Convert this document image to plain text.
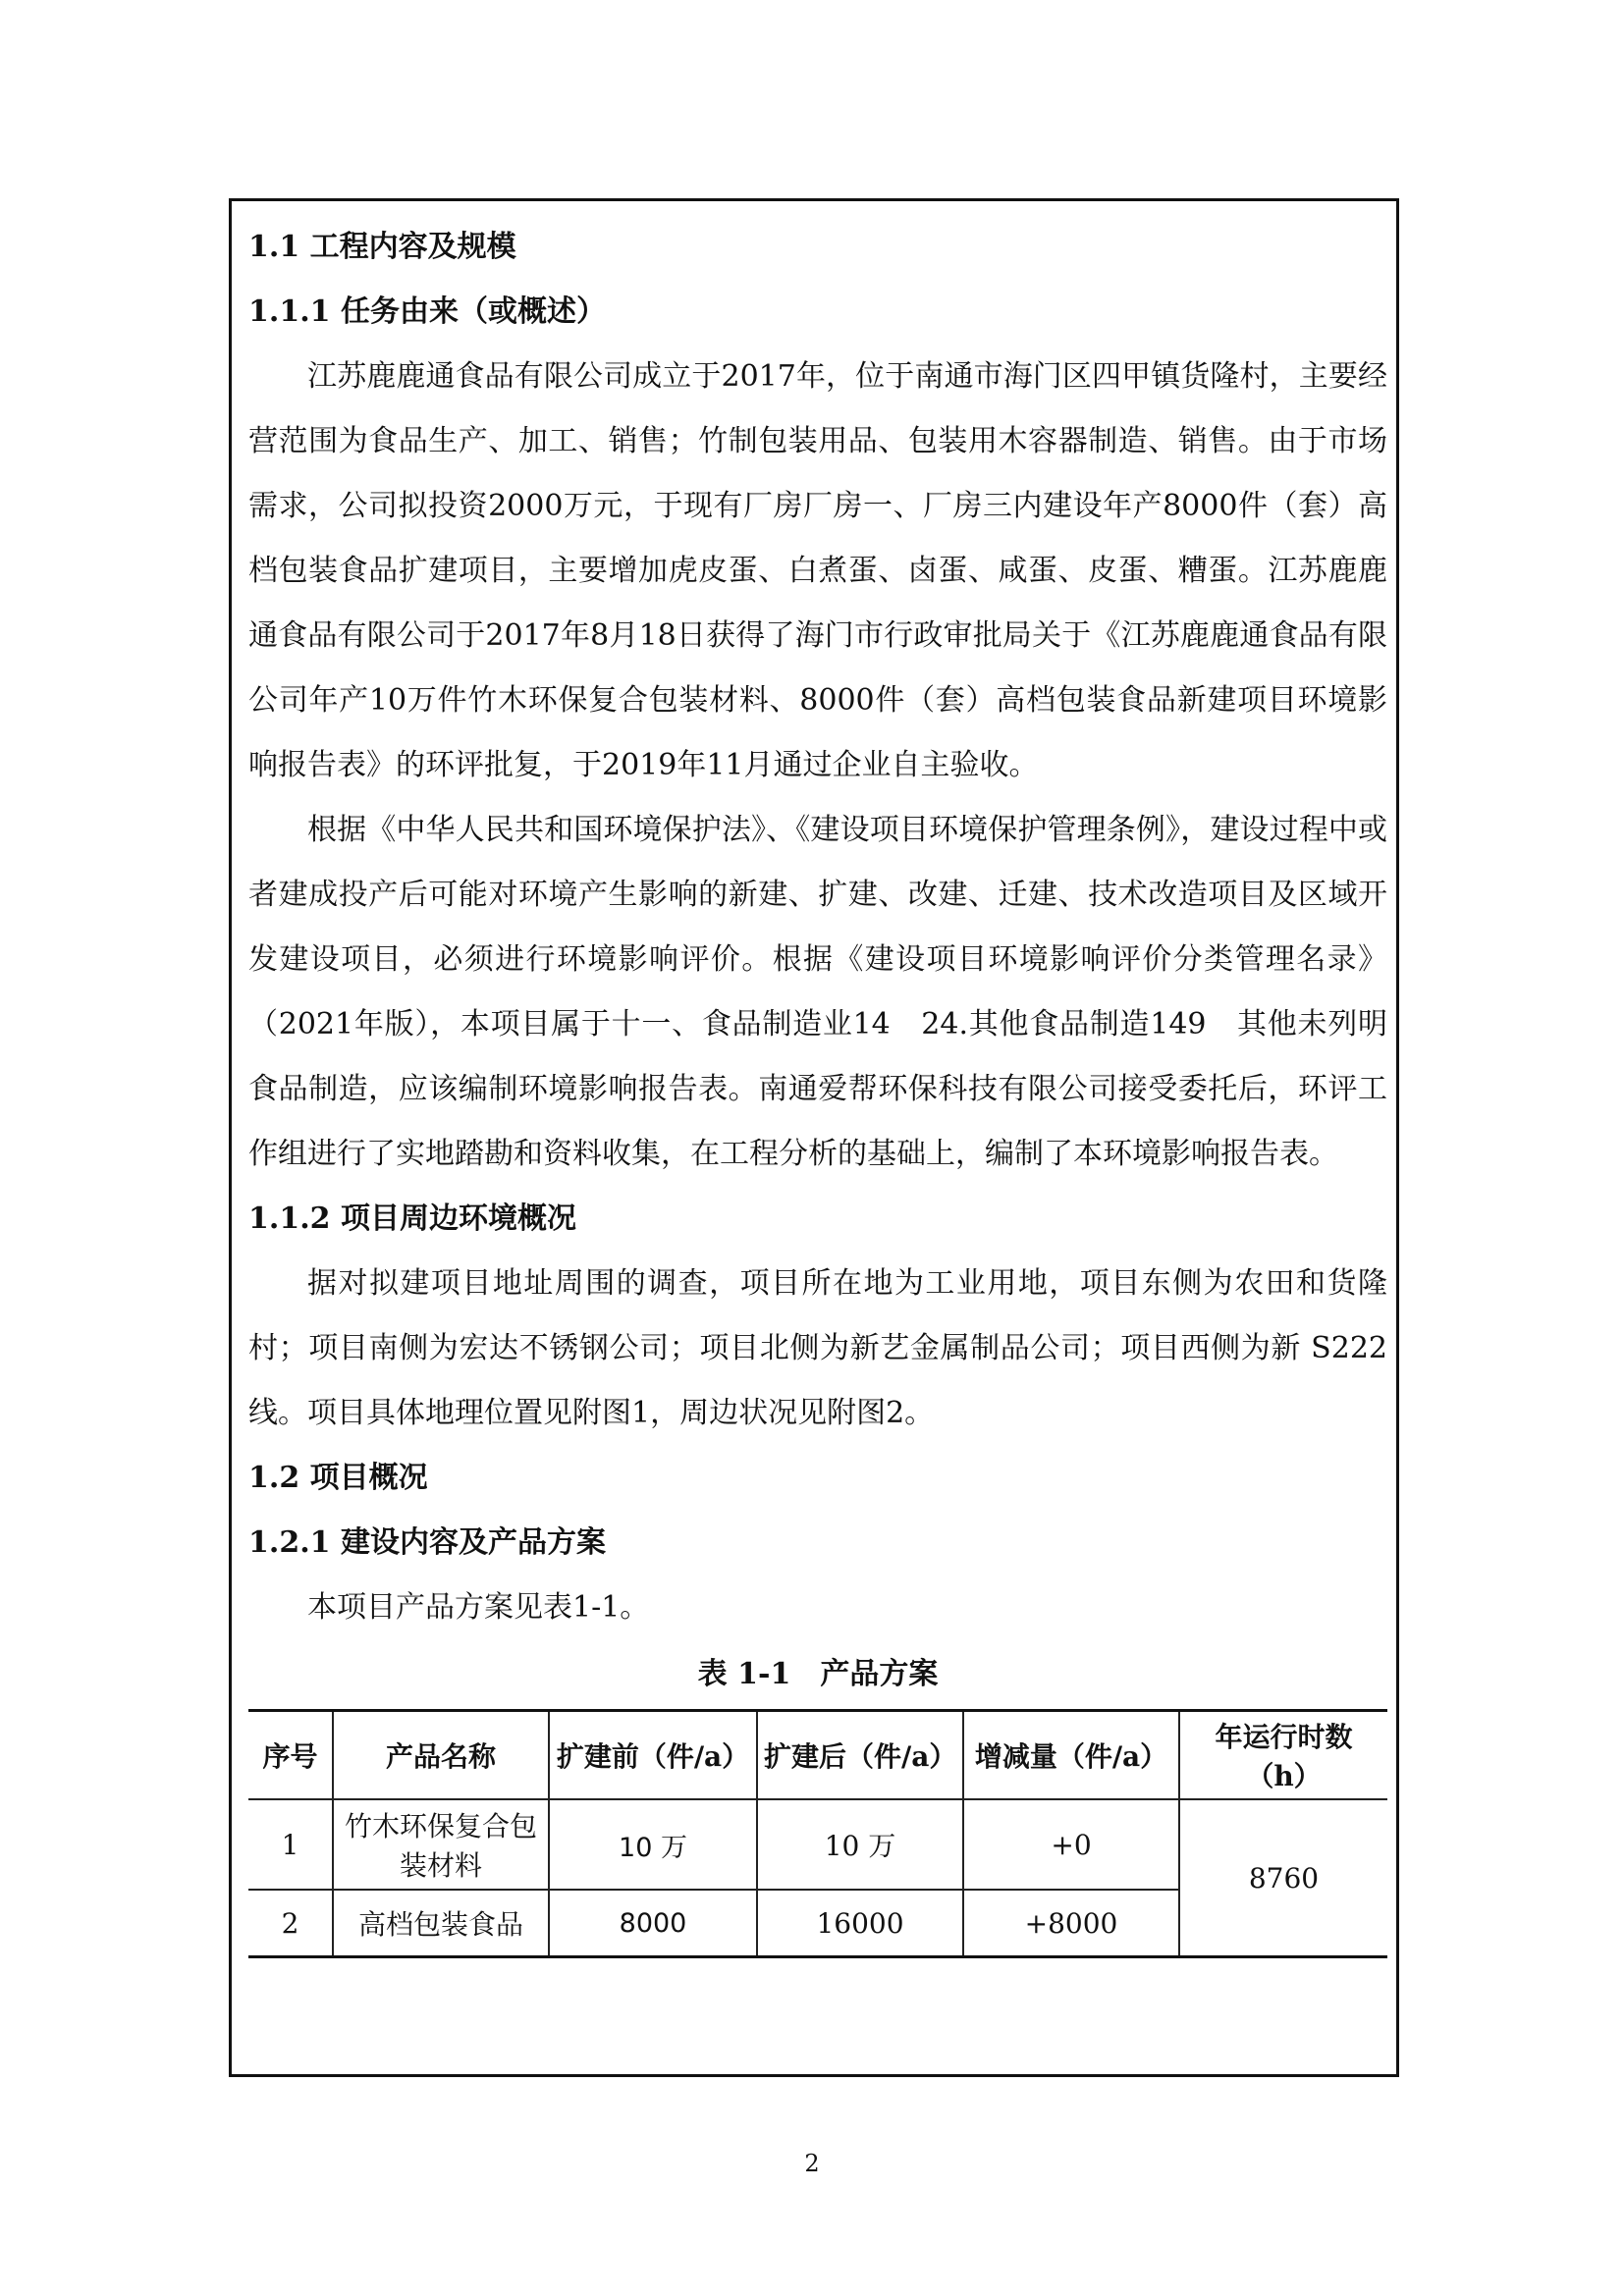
1.1 工程内容及规模
1.1.1 任务由来（或概述）

江苏鹿鹿通食品有限公司成立于2017年，位于南通市海门区四甲镇货隆村，主要经营范围为食品生产、加工、销售；竹制包装用品、包装用木容器制造、销售。由于市场需求，公司拟投资2000万元，于现有厂房厂房一、厂房三内建设年产8000件（套）高档包装食品扩建项目，主要增加虎皮蛋、白煮蛋、卤蛋、咸蛋、皮蛋、糟蛋。江苏鹿鹿通食品有限公司于2017年8月18日获得了海门市行政审批局关于《江苏鹿鹿通食品有限公司年产10万件竹木环保复合包装材料、8000件（套）高档包装食品新建项目环境影响报告表》的环评批复，于2019年11月通过企业自主验收。

根据《中华人民共和国环境保护法》、《建设项目环境保护管理条例》，建设过程中或者建成投产后可能对环境产生影响的新建、扩建、改建、迁建、技术改造项目及区域开发建设项目，必须进行环境影响评价。根据《建设项目环境影响评价分类管理名录》（2021年版），本项目属于十一、食品制造业14　24.其他食品制造149　其他未列明食品制造，应该编制环境影响报告表。南通爱帮环保科技有限公司接受委托后，环评工作组进行了实地踏勘和资料收集，在工程分析的基础上，编制了本环境影响报告表。

1.1.2 项目周边环境概况

据对拟建项目地址周围的调查，项目所在地为工业用地，项目东侧为农田和货隆村；项目南侧为宏达不锈钢公司；项目北侧为新艺金属制品公司；项目西侧为新 S222 线。项目具体地理位置见附图1，周边状况见附图2。

1.2 项目概况
1.2.1 建设内容及产品方案

本项目产品方案见表1-1。

表 1-1　产品方案
序号	产品名称	扩建前（件/a）	扩建后（件/a）	增减量（件/a）	年运行时数（h）
1	竹木环保复合包装材料	10 万	10 万	+0	8760
2	高档包装食品	8000	16000	+8000	
2
